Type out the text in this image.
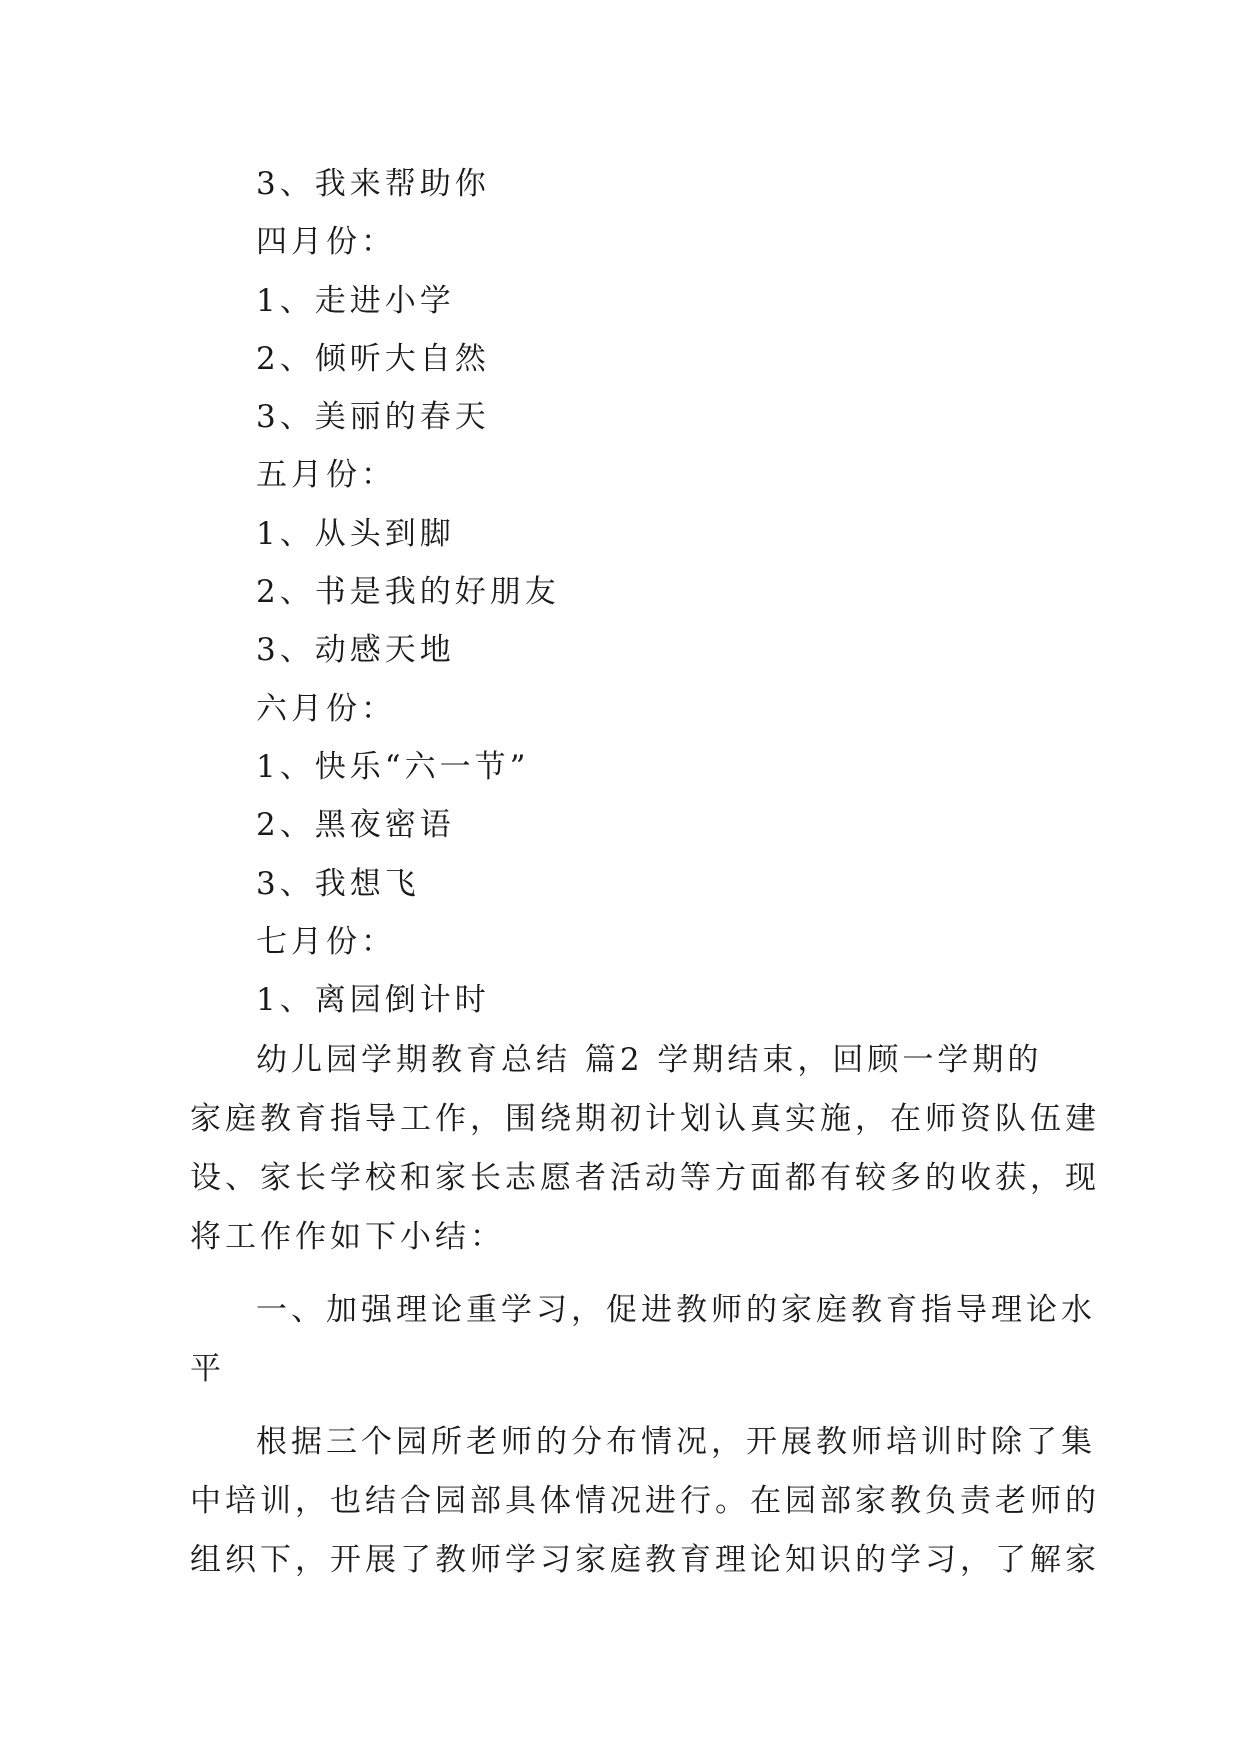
3、我来帮助你
四月份：
1、走进小学
2、倾听大自然
3、美丽的春天
五月份：
1、从头到脚
2、书是我的好朋友
3、动感天地
六月份：
1、快乐“六一节”
2、黑夜密语
3、我想飞
七月份：
1、离园倒计时
幼儿园学期教育总结 篇2 学期结束，回顾一学期的
家庭教育指导工作，围绕期初计划认真实施，在师资队伍建
设、家长学校和家长志愿者活动等方面都有较多的收获，现
将工作作如下小结：
一、加强理论重学习，促进教师的家庭教育指导理论水
平
根据三个园所老师的分布情况，开展教师培训时除了集
中培训，也结合园部具体情况进行。在园部家教负责老师的
组织下，开展了教师学习家庭教育理论知识的学习，了解家
